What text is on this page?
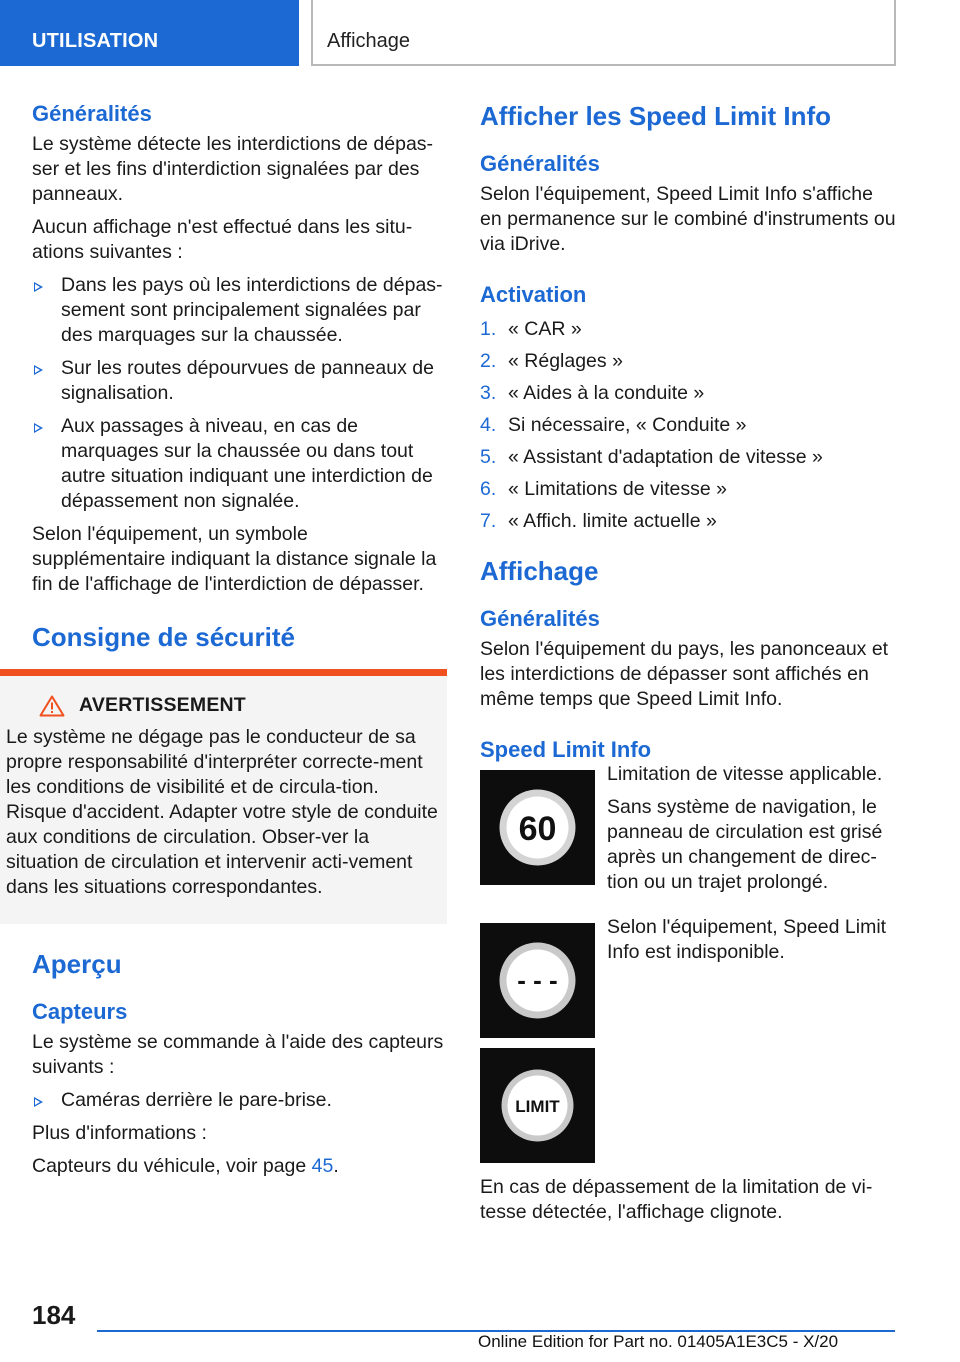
UTILISATION	Affichage
Généralités

Le système détecte les interdictions de dépas-ser et les fins d'interdiction signalées par des panneaux.

Aucun affichage n'est effectué dans les situ-ations suivantes :

Dans les pays où les interdictions de dépas-sement sont principalement signalées par des marquages sur la chaussée.
Sur les routes dépourvues de panneaux de signalisation.
Aux passages à niveau, en cas de marquages sur la chaussée ou dans tout autre situation indiquant une interdiction de dépassement non signalée.

Selon l'équipement, un symbole supplémentaire indiquant la distance signale la fin de l'affichage de l'interdiction de dépasser.

Consigne de sécurité
AVERTISSEMENT

Le système ne dégage pas le conducteur de sa propre responsabilité d'interpréter correcte-ment les conditions de visibilité et de circula-tion. Risque d'accident. Adapter votre style de conduite aux conditions de circulation. Obser-ver la situation de circulation et intervenir acti-vement dans les situations correspondantes.

Aperçu
Capteurs

Le système se commande à l'aide des capteurs suivants :

Caméras derrière le pare-brise.

Plus d'informations :

Capteurs du véhicule, voir page 45.

Afficher les Speed Limit Info
Généralités

Selon l'équipement, Speed Limit Info s'affiche en permanence sur le combiné d'instruments ou via iDrive.

Activation
1. « CAR »
2. « Réglages »
3. « Aides à la conduite »
4. Si nécessaire, « Conduite »
5. « Assistant d'adaptation de vitesse »
6. « Limitations de vitesse »
7. « Affich. limite actuelle »
Affichage
Généralités

Selon l'équipement du pays, les panonceaux et les interdictions de dépasser sont affichés en même temps que Speed Limit Info.

Speed Limit Info
60

Limitation de vitesse applicable.

Sans système de navigation, le panneau de circulation est grisé après un changement de direc-tion ou un trajet prolongé.

- - -

Selon l'équipement, Speed Limit Info est indisponible.

LIMIT

En cas de dépassement de la limitation de vi-tesse détectée, l'affichage clignote.

184
Online Edition for Part no. 01405A1E3C5 - X/20
